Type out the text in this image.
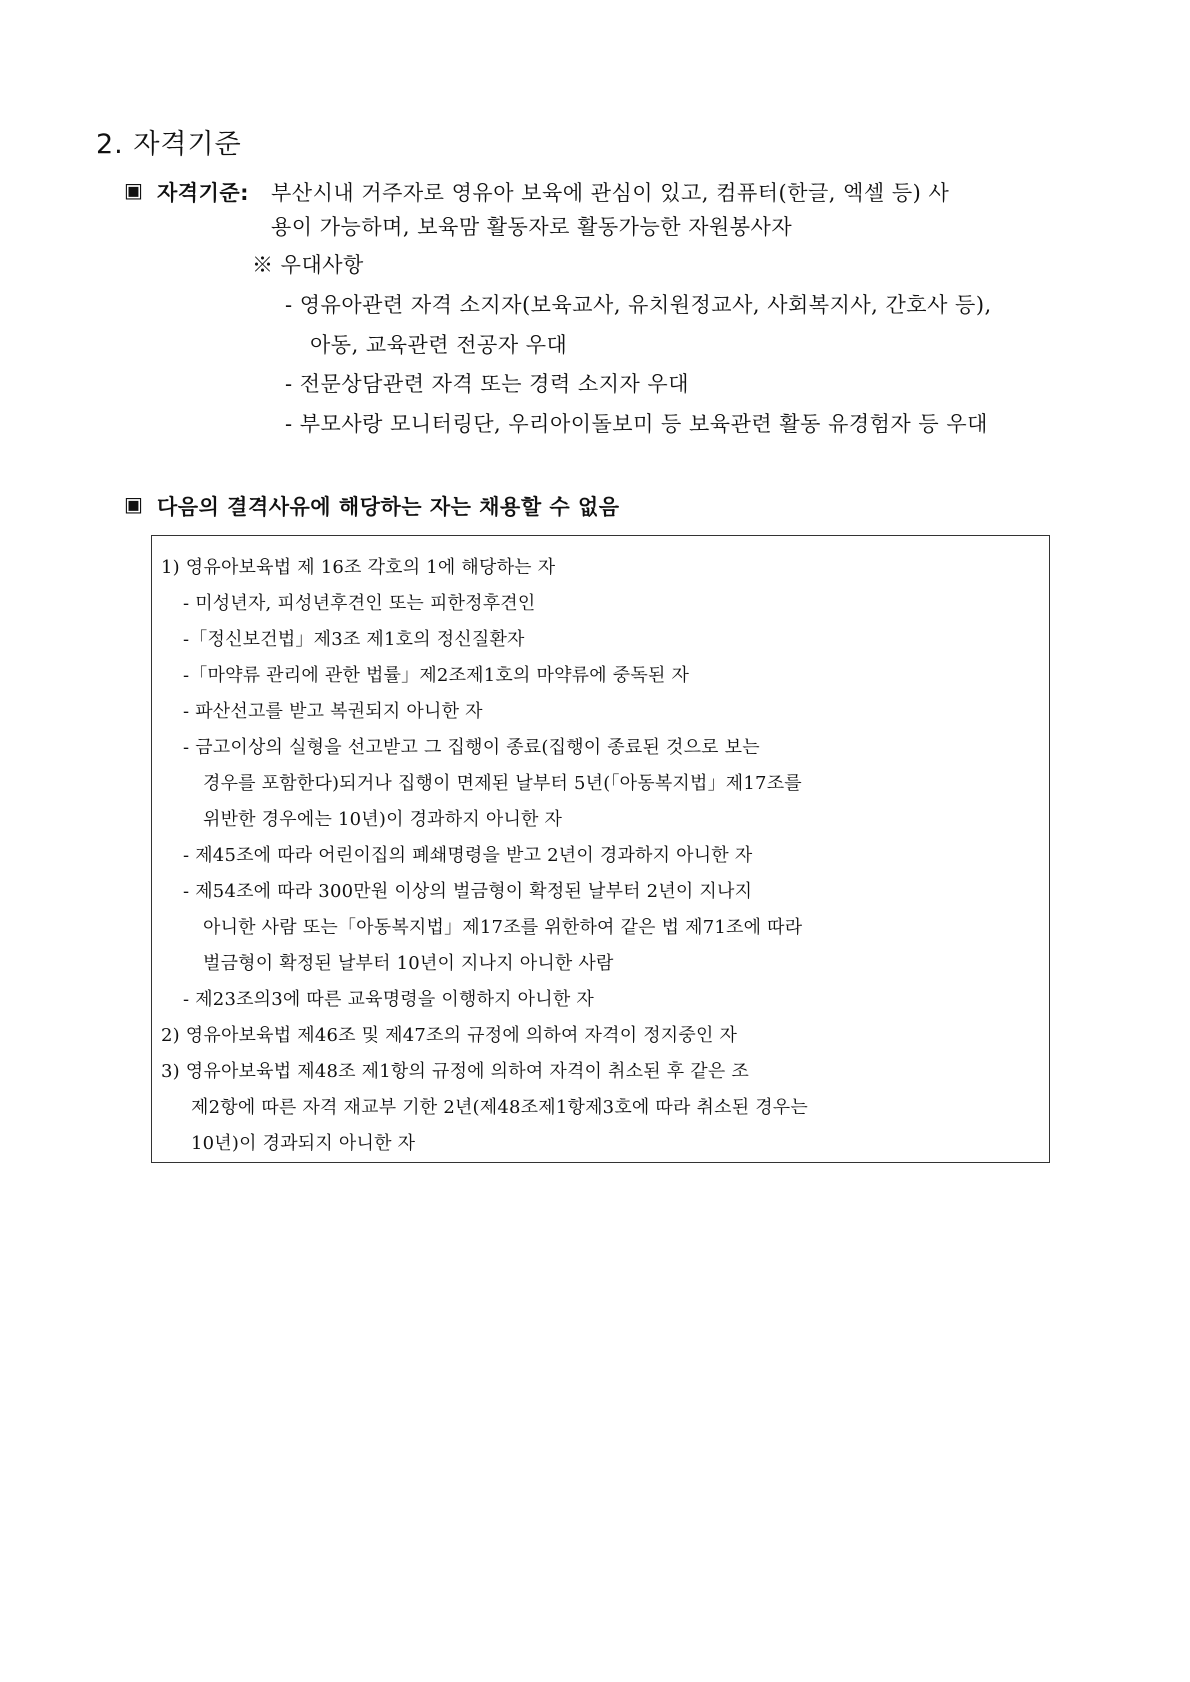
2. 자격기준
▣ 자격기준: 부산시내 거주자로 영유아 보육에 관심이 있고, 컴퓨터(한글, 엑셀 등) 사
용이 가능하며, 보육맘 활동자로 활동가능한 자원봉사자
※ 우대사항
- 영유아관련 자격 소지자(보육교사, 유치원정교사, 사회복지사, 간호사 등),
아동, 교육관련 전공자 우대
- 전문상담관련 자격 또는 경력 소지자 우대
- 부모사랑 모니터링단, 우리아이돌보미 등 보육관련 활동 유경험자 등 우대
▣ 다음의 결격사유에 해당하는 자는 채용할 수 없음
1) 영유아보육법 제 16조 각호의 1에 해당하는 자
- 미성년자, 피성년후견인 또는 피한정후견인
-「정신보건법」제3조 제1호의 정신질환자
-「마약류 관리에 관한 법률」제2조제1호의 마약류에 중독된 자
- 파산선고를 받고 복권되지 아니한 자
- 금고이상의 실형을 선고받고 그 집행이 종료(집행이 종료된 것으로 보는
경우를 포함한다)되거나 집행이 면제된 날부터 5년(「아동복지법」제17조를
위반한 경우에는 10년)이 경과하지 아니한 자
- 제45조에 따라 어린이집의 폐쇄명령을 받고 2년이 경과하지 아니한 자
- 제54조에 따라 300만원 이상의 벌금형이 확정된 날부터 2년이 지나지
아니한 사람 또는「아동복지법」제17조를 위한하여 같은 법 제71조에 따라
벌금형이 확정된 날부터 10년이 지나지 아니한 사람
- 제23조의3에 따른 교육명령을 이행하지 아니한 자
2) 영유아보육법 제46조 및 제47조의 규정에 의하여 자격이 정지중인 자
3) 영유아보육법 제48조 제1항의 규정에 의하여 자격이 취소된 후 같은 조
제2항에 따른 자격 재교부 기한 2년(제48조제1항제3호에 따라 취소된 경우는
10년)이 경과되지 아니한 자
